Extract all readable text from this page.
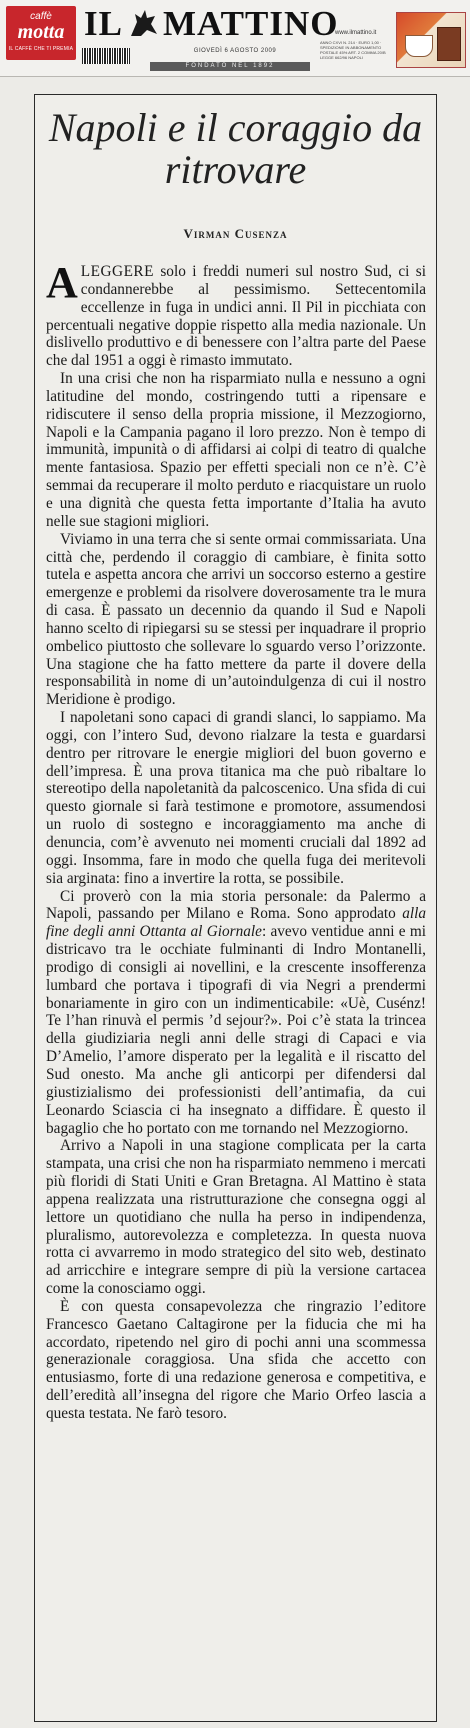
caffè
motta
IL CAFFÈ CHE TI PREMIA
IL MATTINO
www.ilmattino.it
GIOVEDÌ 6 AGOSTO 2009
FONDATO NEL 1892
ANNO CXVI N. 214 · EURO 1,00 · SPEDIZIONE IN ABBONAMENTO POSTALE 45% ART. 2 COMMA 20/B LEGGE 662/96 NAPOLI
Napoli e il coraggio da ritrovare
Virman Cusenza

ALEGGERE solo i freddi numeri sul nostro Sud, ci si condannerebbe al pessimismo. Settecentomila eccellenze in fuga in undici anni. Il Pil in picchiata con percentuali negative doppie rispetto alla media nazionale. Un dislivello produttivo e di benessere con l’altra parte del Paese che dal 1951 a oggi è rimasto immutato.

In una crisi che non ha risparmiato nulla e nessuno a ogni latitudine del mondo, costringendo tutti a ripensare e ridiscutere il senso della propria missione, il Mezzogiorno, Napoli e la Campania pagano il loro prezzo. Non è tempo di immunità, impunità o di affidarsi ai colpi di teatro di qualche mente fantasiosa. Spazio per effetti speciali non ce n’è. C’è semmai da recuperare il molto perduto e riacquistare un ruolo e una dignità che questa fetta importante d’Italia ha avuto nelle sue stagioni migliori.

Viviamo in una terra che si sente ormai commissariata. Una città che, perdendo il coraggio di cambiare, è finita sotto tutela e aspetta ancora che arrivi un soccorso esterno a gestire emergenze e problemi da risolvere doverosamente tra le mura di casa. È passato un decennio da quando il Sud e Napoli hanno scelto di ripiegarsi su se stessi per inquadrare il proprio ombelico piuttosto che sollevare lo sguardo verso l’orizzonte. Una stagione che ha fatto mettere da parte il dovere della responsabilità in nome di un’autoindulgenza di cui il nostro Meridione è prodigo.

I napoletani sono capaci di grandi slanci, lo sappiamo. Ma oggi, con l’intero Sud, devono rialzare la testa e guardarsi dentro per ritrovare le energie migliori del buon governo e dell’impresa. È una prova titanica ma che può ribaltare lo stereotipo della napoletanità da palcoscenico. Una sfida di cui questo giornale si farà testimone e promotore, assumendosi un ruolo di sostegno e incoraggiamento ma anche di denuncia, com’è avvenuto nei momenti cruciali dal 1892 ad oggi. Insomma, fare in modo che quella fuga dei meritevoli sia arginata: fino a invertire la rotta, se possibile.

Ci proverò con la mia storia personale: da Palermo a Napoli, passando per Milano e Roma. Sono approdato alla fine degli anni Ottanta al Giornale: avevo ventidue anni e mi districavo tra le occhiate fulminanti di Indro Montanelli, prodigo di consigli ai novellini, e la crescente insofferenza lumbard che portava i tipografi di via Negri a prendermi bonariamente in giro con un indimenticabile: «Uè, Cusénz! Te l’han rinuvà el permis ’d sejour?». Poi c’è stata la trincea della giudiziaria negli anni delle stragi di Capaci e via D’Amelio, l’amore disperato per la legalità e il riscatto del Sud onesto. Ma anche gli anticorpi per difendersi dal giustizialismo dei professionisti dell’antimafia, da cui Leonardo Sciascia ci ha insegnato a diffidare. È questo il bagaglio che ho portato con me tornando nel Mezzogiorno.

Arrivo a Napoli in una stagione complicata per la carta stampata, una crisi che non ha risparmiato nemmeno i mercati più floridi di Stati Uniti e Gran Bretagna. Al Mattino è stata appena realizzata una ristrutturazione che consegna oggi al lettore un quotidiano che nulla ha perso in indipendenza, pluralismo, autorevolezza e completezza. In questa nuova rotta ci avvarremo in modo strategico del sito web, destinato ad arricchire e integrare sempre di più la versione cartacea come la conosciamo oggi.

È con questa consapevolezza che ringrazio l’editore Francesco Gaetano Caltagirone per la fiducia che mi ha accordato, ripetendo nel giro di pochi anni una scommessa generazionale coraggiosa. Una sfida che accetto con entusiasmo, forte di una redazione generosa e competitiva, e dell’eredità all’insegna del rigore che Mario Orfeo lascia a questa testata. Ne farò tesoro.
